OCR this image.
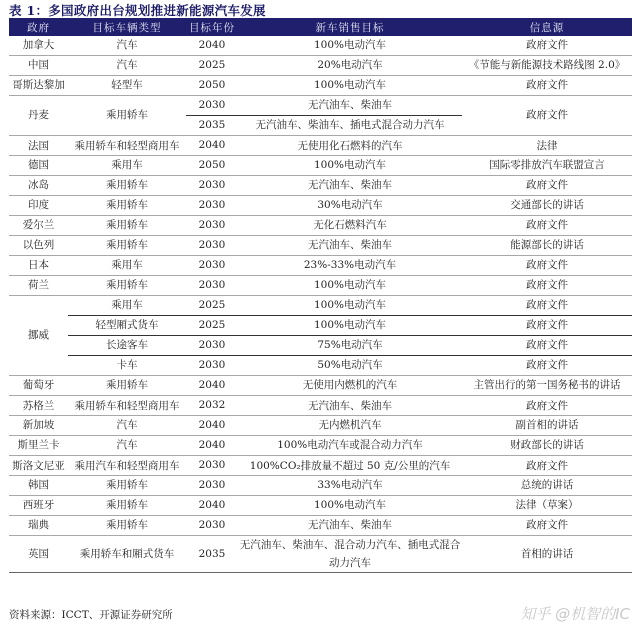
表 1：多国政府出台规划推进新能源汽车发展
政府	目标车辆类型	目标年份	新车销售目标	信息源
加拿大	汽车	2040	100%电动汽车	政府文件
中国	汽车	2025	20%电动汽车	《节能与新能源技术路线图 2.0》
哥斯达黎加	轻型车	2050	100%电动汽车	政府文件
丹麦	乘用轿车	2030	无汽油车、柴油车	政府文件
		2035	无汽油车、柴油车、插电式混合动力汽车	
法国	乘用轿车和轻型商用车	2040	无使用化石燃料的汽车	法律
德国	乘用车	2050	100%电动汽车	国际零排放汽车联盟宣言
冰岛	乘用轿车	2030	无汽油车、柴油车	政府文件
印度	乘用轿车	2030	30%电动汽车	交通部长的讲话
爱尔兰	乘用轿车	2030	无化石燃料汽车	政府文件
以色列	乘用轿车	2030	无汽油车、柴油车	能源部长的讲话
日本	乘用车	2030	23%-33%电动汽车	政府文件
荷兰	乘用轿车	2030	100%电动汽车	政府文件
挪威	乘用车	2025	100%电动汽车	政府文件
	轻型厢式货车	2025	100%电动汽车	政府文件
	长途客车	2030	75%电动汽车	政府文件
	卡车	2030	50%电动汽车	政府文件
葡萄牙	乘用轿车	2040	无使用内燃机的汽车	主管出行的第一国务秘书的讲话
苏格兰	乘用轿车和轻型商用车	2032	无汽油车、柴油车	政府文件
新加坡	汽车	2040	无内燃机汽车	副首相的讲话
斯里兰卡	汽车	2040	100%电动汽车或混合动力汽车	财政部长的讲话
斯洛文尼亚	乘用汽车和轻型商用车	2030	100%CO₂排放量不超过 50 克/公里的汽车	政府文件
韩国	乘用轿车	2030	33%电动汽车	总统的讲话
西班牙	乘用轿车	2040	100%电动汽车	法律（草案）
瑞典	乘用轿车	2030	无汽油车、柴油车	政府文件
英国	乘用轿车和厢式货车	2035	无汽油车、柴油车、混合动力汽车、插电式混合动力汽车	首相的讲话
资料来源：ICCT、开源证券研究所	知乎 @机智的IC
